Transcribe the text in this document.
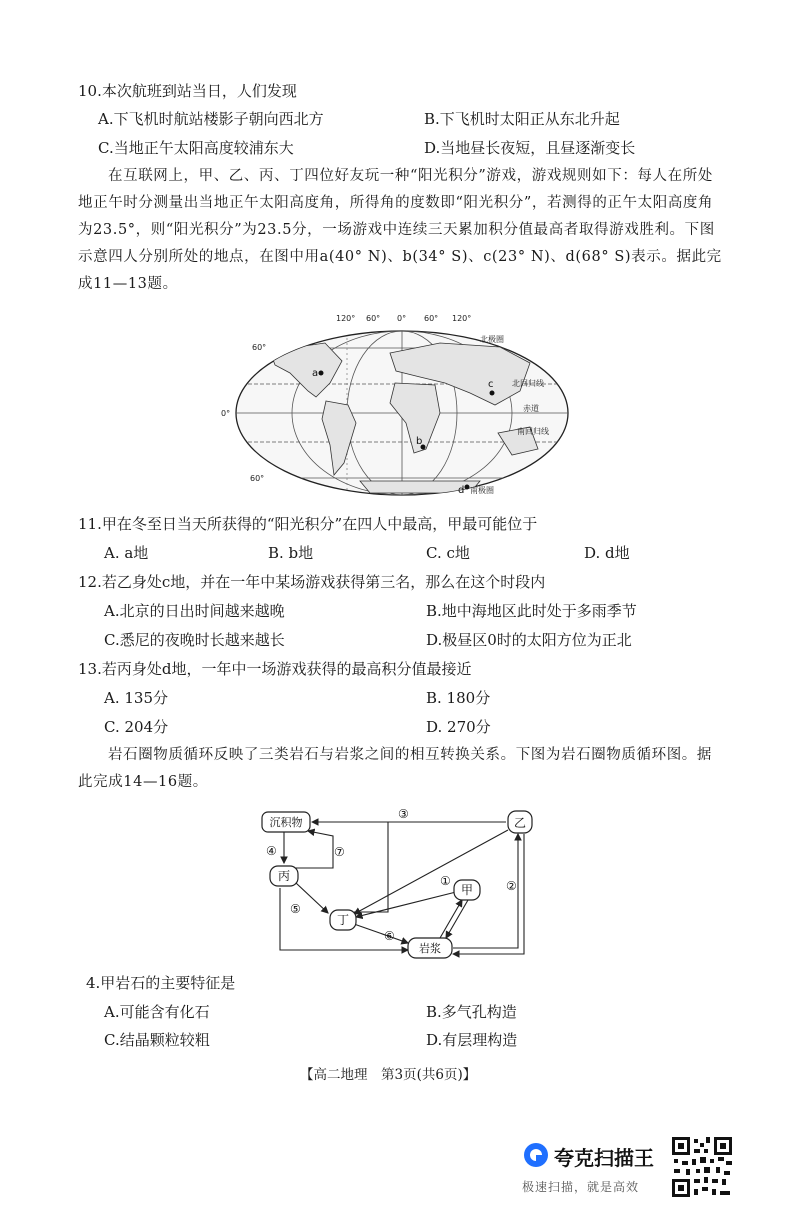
10.本次航班到站当日，人们发现
A.下飞机时航站楼影子朝向西北方	B.下飞机时太阳正从东北升起
C.当地正午太阳高度较浦东大	D.当地昼长夜短，且昼逐渐变长
在互联网上，甲、乙、丙、丁四位好友玩一种“阳光积分”游戏，游戏规则如下：每人在所处地正午时分测量出当地正午太阳高度角，所得角的度数即“阳光积分”，若测得的正午太阳高度角为23.5°，则“阳光积分”为23.5分，一场游戏中连续三天累加积分值最高者取得游戏胜利。下图示意四人分别所处的地点，在图中用a(40° N)、b(34° S)、c(23° N)、d(68° S)表示。据此完成11—13题。
120° 60° 0° 60° 120°
60°
0°
60°
北极圈
北回归线
赤道
南回归线
南极圈
a
b
c
d
11.甲在冬至日当天所获得的“阳光积分”在四人中最高，甲最可能位于
A. a地	B. b地	C. c地	D. d地
12.若乙身处c地，并在一年中某场游戏获得第三名，那么在这个时段内
A.北京的日出时间越来越晚	B.地中海地区此时处于多雨季节
C.悉尼的夜晚时长越来越长	D.极昼区0时的太阳方位为正北
13.若丙身处d地，一年中一场游戏获得的最高积分值最接近
A. 135分	B. 180分
C. 204分	D. 270分
岩石圈物质循环反映了三类岩石与岩浆之间的相互转换关系。下图为岩石圈物质循环图。据此完成14—16题。
沉积物	乙
丙
甲
丁
岩浆
①	②
③
④
⑤
⑥
⑦
4.甲岩石的主要特征是
A.可能含有化石	B.多气孔构造
C.结晶颗粒较粗	D.有层理构造
【高二地理　第3页(共6页)】
夸克扫描王
极速扫描，就是高效
